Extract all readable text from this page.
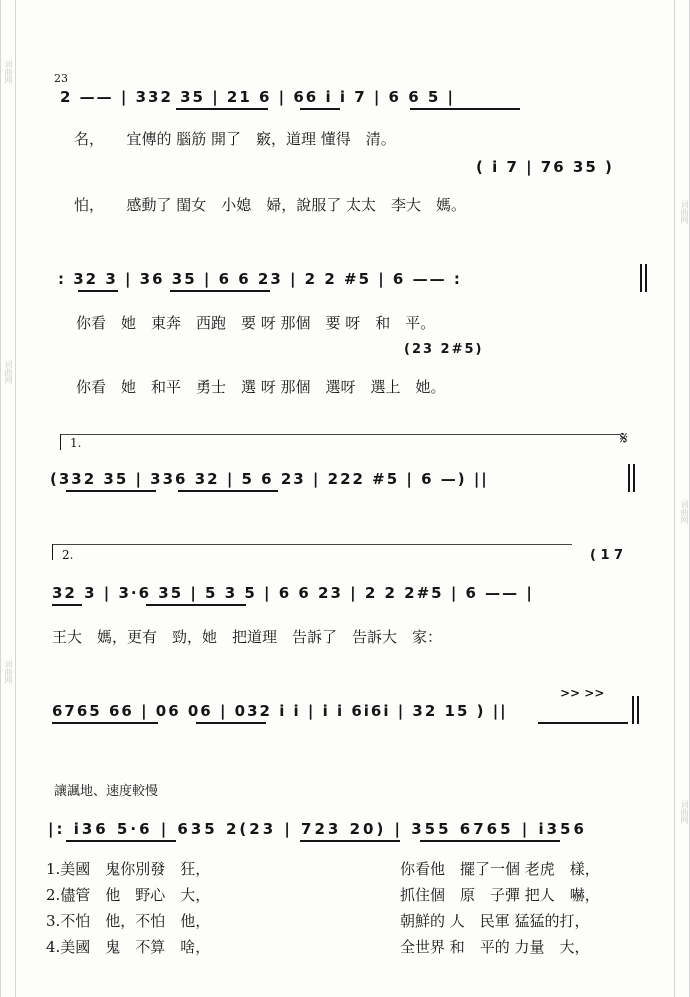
词曲网
词曲网
词曲网
词曲网
词曲网
词曲网
23
2 —— | 332 35 | 21 6 | 66 i i 7 | 6 6 5 |
名，　　宜傳的 腦筋 開了　竅，道理 懂得　清。
( i 7 | 76 35 )
怕，　　感動了 閨女　小媳　婦，說服了 太太　李大　媽。
: 32 3 | 36 35 | 6 6 23 | 2 2 #5 | 6 —— :
你看　她　東奔　西跑　要 呀 那個　要 呀　和　平。
(23 2#5)
你看　她　和平　勇士　選 呀 那個　選呀　選上　她。
1.	𝄋
(332 35 | 336 32 | 5 6 23 | 222 #5 | 6 —) ||
2.	( 1 7
32 3 | 3·6 35 | 5 3 5 | 6 6 23 | 2 2 2#5 | 6 —— |
王大　媽，更有　勁，她　把道理　告訴了　告訴大　家：
6765 66 | 06 06 | 032 i i | i i 6i6i | 32 15 ) ||
>> >>
讓諷地、速度較慢
|: i36 5·6 | 635 2(23 | 723 20) | 355 6765 | i356
1.美國　鬼你別發　狂，	你看他　擺了一個 老虎　樣，
2.儘管　他　野心　大，	抓住個　原　子彈 把人　嚇，
3.不怕　他，不怕　他，	朝鮮的 人　民軍 猛猛的打，
4.美國　鬼　不算　啥，	全世界 和　平的 力量　大，
